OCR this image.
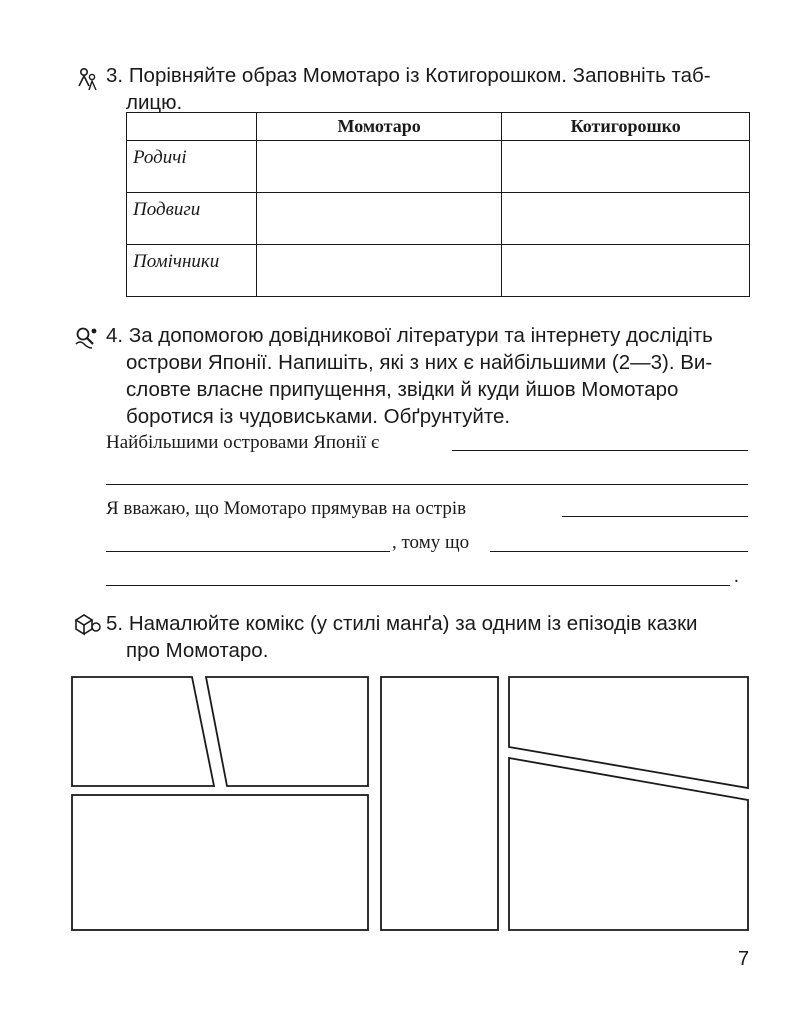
3. Порівняйте образ Момотаро із Котигорошком. Заповніть таб-
лицю.
	Момотаро	Котигорошко
Родичі		
Подвиги		
Помічники		
4. За допомогою довідникової літератури та інтернету дослідіть
острови Японії. Напишіть, які з них є найбільшими (2—3). Ви-
словте власне припущення, звідки й куди йшов Момотаро
боротися із чудовиськами. Обґрунтуйте.
Найбільшими островами Японії є
Я вважаю, що Момотаро прямував на острів
, тому що
.
5. Намалюйте комікс (у стилі манґа) за одним із епізодів казки
про Момотаро.
7
